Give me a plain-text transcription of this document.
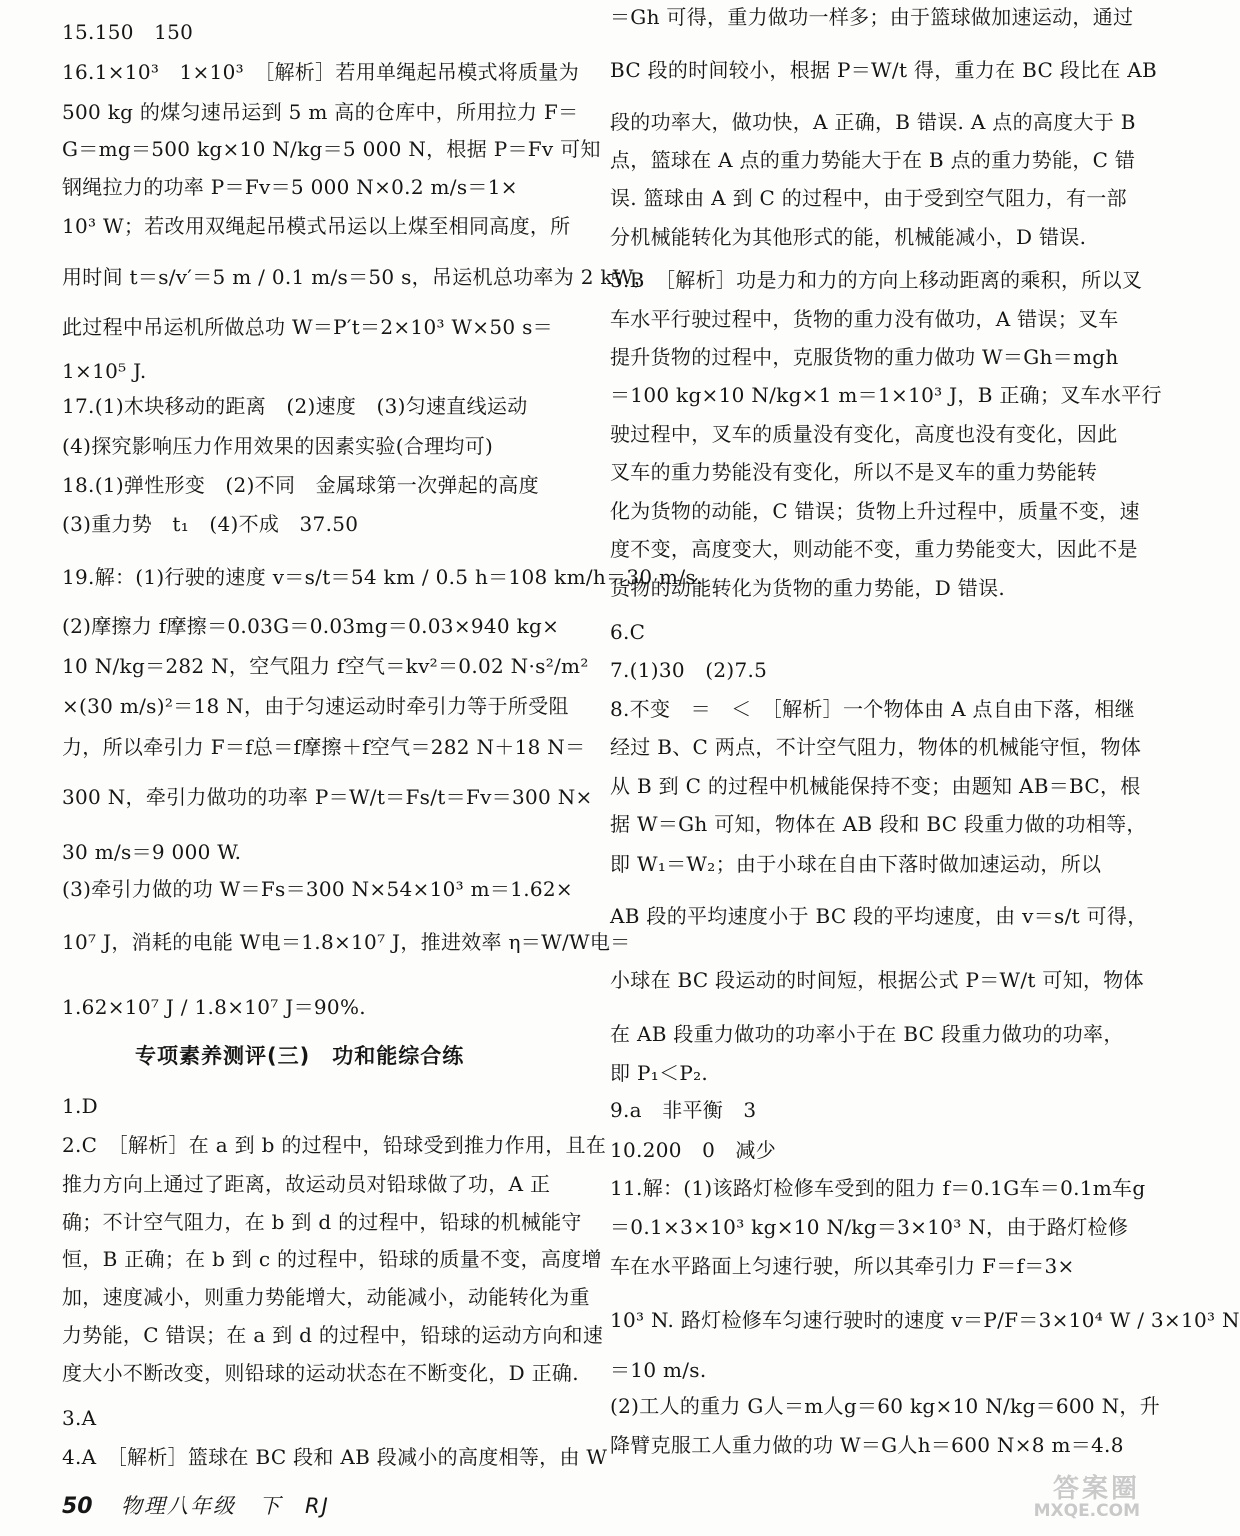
15.150　150
16.1×10³　1×10³　［解析］若用单绳起吊模式将质量为
500 kg 的煤匀速吊运到 5 m 高的仓库中，所用拉力 F＝
G＝mg＝500 kg×10 N/kg＝5 000 N，根据 P＝Fv 可知
钢绳拉力的功率 P＝Fv＝5 000 N×0.2 m/s＝1×
10³ W；若改用双绳起吊模式吊运以上煤至相同高度，所
用时间 t＝s/v′＝5 m / 0.1 m/s＝50 s，吊运机总功率为 2 kW，
此过程中吊运机所做总功 W＝P′t＝2×10³ W×50 s＝
1×10⁵ J.
17.(1)木块移动的距离　(2)速度　(3)匀速直线运动
(4)探究影响压力作用效果的因素实验(合理均可)
18.(1)弹性形变　(2)不同　金属球第一次弹起的高度
(3)重力势　t₁　(4)不成　37.50
19.解：(1)行驶的速度 v＝s/t＝54 km / 0.5 h＝108 km/h＝30 m/s.
(2)摩擦力 f摩擦＝0.03G＝0.03mg＝0.03×940 kg×
10 N/kg＝282 N，空气阻力 f空气＝kv²＝0.02 N·s²/m²
×(30 m/s)²＝18 N，由于匀速运动时牵引力等于所受阻
力，所以牵引力 F＝f总＝f摩擦＋f空气＝282 N＋18 N＝
300 N，牵引力做功的功率 P＝W/t＝Fs/t＝Fv＝300 N×
30 m/s＝9 000 W.
(3)牵引力做的功 W＝Fs＝300 N×54×10³ m＝1.62×
10⁷ J，消耗的电能 W电＝1.8×10⁷ J，推进效率 η＝W/W电＝
1.62×10⁷ J / 1.8×10⁷ J＝90%.
1.D
2.C　［解析］在 a 到 b 的过程中，铅球受到推力作用，且在
推力方向上通过了距离，故运动员对铅球做了功，A 正
确；不计空气阻力，在 b 到 d 的过程中，铅球的机械能守
恒，B 正确；在 b 到 c 的过程中，铅球的质量不变，高度增
加，速度减小，则重力势能增大，动能减小，动能转化为重
力势能，C 错误；在 a 到 d 的过程中，铅球的运动方向和速
度大小不断改变，则铅球的运动状态在不断变化，D 正确.
3.A
4.A　［解析］篮球在 BC 段和 AB 段减小的高度相等，由 W
专项素养测评(三)　功和能综合练
＝Gh 可得，重力做功一样多；由于篮球做加速运动，通过
BC 段的时间较小，根据 P＝W/t 得，重力在 BC 段比在 AB
段的功率大，做功快，A 正确，B 错误. A 点的高度大于 B
点，篮球在 A 点的重力势能大于在 B 点的重力势能，C 错
误. 篮球由 A 到 C 的过程中，由于受到空气阻力，有一部
分机械能转化为其他形式的能，机械能减小，D 错误.
5.B　［解析］功是力和力的方向上移动距离的乘积，所以叉
车水平行驶过程中，货物的重力没有做功，A 错误；叉车
提升货物的过程中，克服货物的重力做功 W＝Gh＝mgh
＝100 kg×10 N/kg×1 m＝1×10³ J，B 正确；叉车水平行
驶过程中，叉车的质量没有变化，高度也没有变化，因此
叉车的重力势能没有变化，所以不是叉车的重力势能转
化为货物的动能，C 错误；货物上升过程中，质量不变，速
度不变，高度变大，则动能不变，重力势能变大，因此不是
货物的动能转化为货物的重力势能，D 错误.
6.C
7.(1)30　(2)7.5
8.不变　＝　＜　［解析］一个物体由 A 点自由下落，相继
经过 B、C 两点，不计空气阻力，物体的机械能守恒，物体
从 B 到 C 的过程中机械能保持不变；由题知 AB＝BC，根
据 W＝Gh 可知，物体在 AB 段和 BC 段重力做的功相等，
即 W₁＝W₂；由于小球在自由下落时做加速运动，所以
AB 段的平均速度小于 BC 段的平均速度，由 v＝s/t 可得，
小球在 BC 段运动的时间短，根据公式 P＝W/t 可知，物体
在 AB 段重力做功的功率小于在 BC 段重力做功的功率，
即 P₁＜P₂.
9.a　非平衡　3
10.200　0　减少
11.解：(1)该路灯检修车受到的阻力 f＝0.1G车＝0.1m车g
＝0.1×3×10³ kg×10 N/kg＝3×10³ N，由于路灯检修
车在水平路面上匀速行驶，所以其牵引力 F＝f＝3×
10³ N. 路灯检修车匀速行驶时的速度 v＝P/F＝3×10⁴ W / 3×10³ N
＝10 m/s.
(2)工人的重力 G人＝m人g＝60 kg×10 N/kg＝600 N，升
降臂克服工人重力做的功 W＝G人h＝600 N×8 m＝4.8
50 物理八年级　下　RJ
答案圈
MXQE.COM
